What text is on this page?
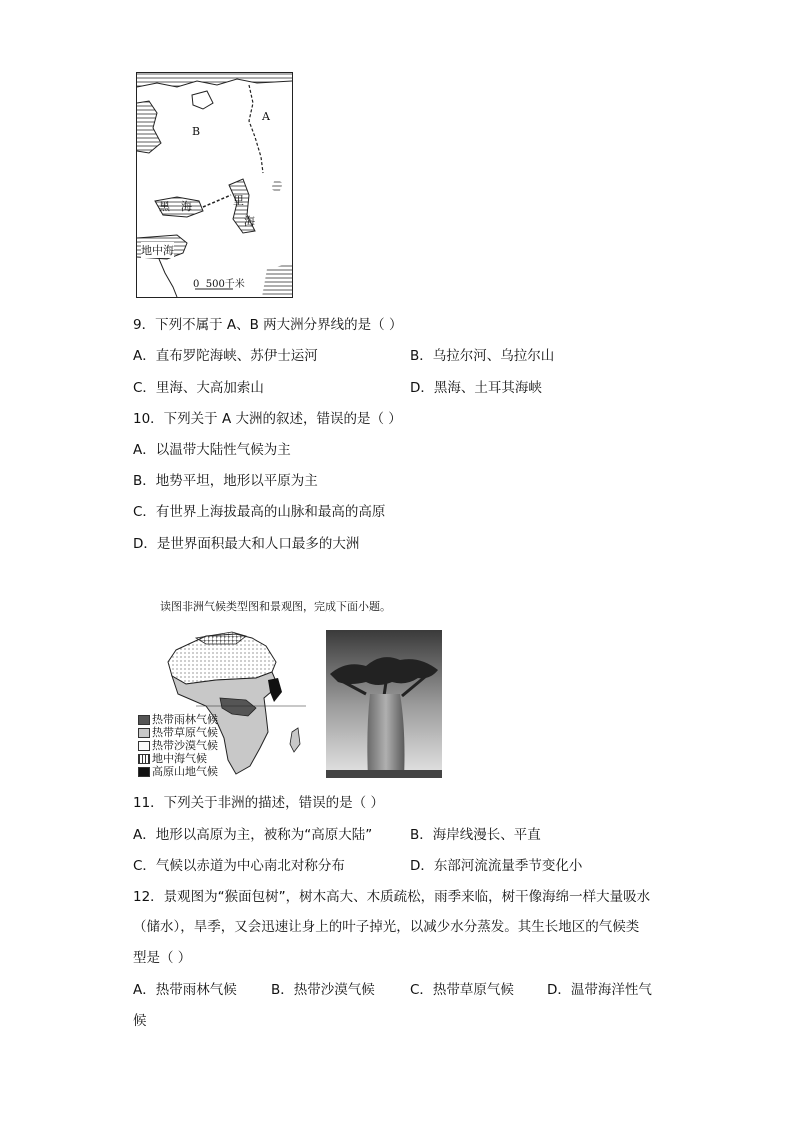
A
B
黑 海	里
海
地中海
0  500千米
9．下列不属于 A、B 两大洲分界线的是（ ）
A．直布罗陀海峡、苏伊士运河	B．乌拉尔河、乌拉尔山
C．里海、大高加索山	D．黑海、土耳其海峡
10．下列关于 A 大洲的叙述，错误的是（ ）
A．以温带大陆性气候为主
B．地势平坦，地形以平原为主
C．有世界上海拔最高的山脉和最高的高原
D．是世界面积最大和人口最多的大洲
读图非洲气候类型图和景观图，完成下面小题。
热带雨林气候
热带草原气候
热带沙漠气候
地中海气候
高原山地气候
11．下列关于非洲的描述，错误的是（ ）
A．地形以高原为主，被称为“高原大陆”	B．海岸线漫长、平直
C．气候以赤道为中心南北对称分布	D．东部河流流量季节变化小
12．景观图为“猴面包树”，树木高大、木质疏松，雨季来临，树干像海绵一样大量吸水
（储水），旱季，又会迅速让身上的叶子掉光，以减少水分蒸发。其生长地区的气候类
型是（ ）
A．热带雨林气候	B．热带沙漠气候	C．热带草原气候 D．温带海洋性气
候
